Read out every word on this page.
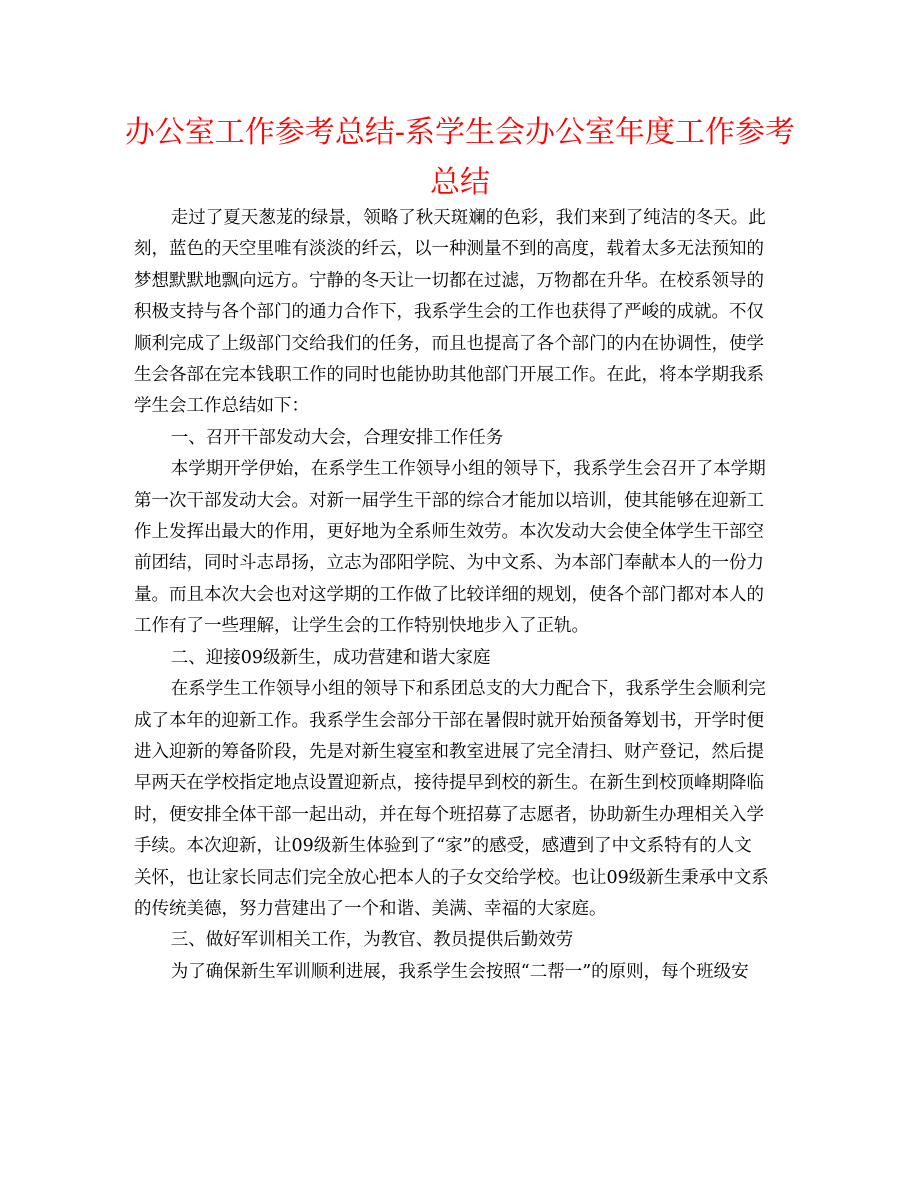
办公室工作参考总结-系学生会办公室年度工作参考总结

走过了夏天葱茏的绿景，领略了秋天斑斓的色彩，我们来到了纯洁的冬天。此

刻，蓝色的天空里唯有淡淡的纤云，以一种测量不到的高度，载着太多无法预知的

梦想默默地飘向远方。宁静的冬天让一切都在过滤，万物都在升华。在校系领导的

积极支持与各个部门的通力合作下，我系学生会的工作也获得了严峻的成就。不仅

顺利完成了上级部门交给我们的任务，而且也提高了各个部门的内在协调性，使学

生会各部在完本钱职工作的同时也能协助其他部门开展工作。在此，将本学期我系

学生会工作总结如下：

一、召开干部发动大会，合理安排工作任务

本学期开学伊始，在系学生工作领导小组的领导下，我系学生会召开了本学期

第一次干部发动大会。对新一届学生干部的综合才能加以培训，使其能够在迎新工

作上发挥出最大的作用，更好地为全系师生效劳。本次发动大会使全体学生干部空

前团结，同时斗志昂扬，立志为邵阳学院、为中文系、为本部门奉献本人的一份力

量。而且本次大会也对这学期的工作做了比较详细的规划，使各个部门都对本人的

工作有了一些理解，让学生会的工作特别快地步入了正轨。

二、迎接09级新生，成功营建和谐大家庭

在系学生工作领导小组的领导下和系团总支的大力配合下，我系学生会顺利完

成了本年的迎新工作。我系学生会部分干部在暑假时就开始预备筹划书，开学时便

进入迎新的筹备阶段，先是对新生寝室和教室进展了完全清扫、财产登记，然后提

早两天在学校指定地点设置迎新点，接待提早到校的新生。在新生到校顶峰期降临

时，便安排全体干部一起出动，并在每个班招募了志愿者，协助新生办理相关入学

手续。本次迎新，让09级新生体验到了“家”的感受，感遭到了中文系特有的人文

关怀，也让家长同志们完全放心把本人的子女交给学校。也让09级新生秉承中文系

的传统美德，努力营建出了一个和谐、美满、幸福的大家庭。

三、做好军训相关工作，为教官、教员提供后勤效劳

为了确保新生军训顺利进展，我系学生会按照“二帮一”的原则，每个班级安
